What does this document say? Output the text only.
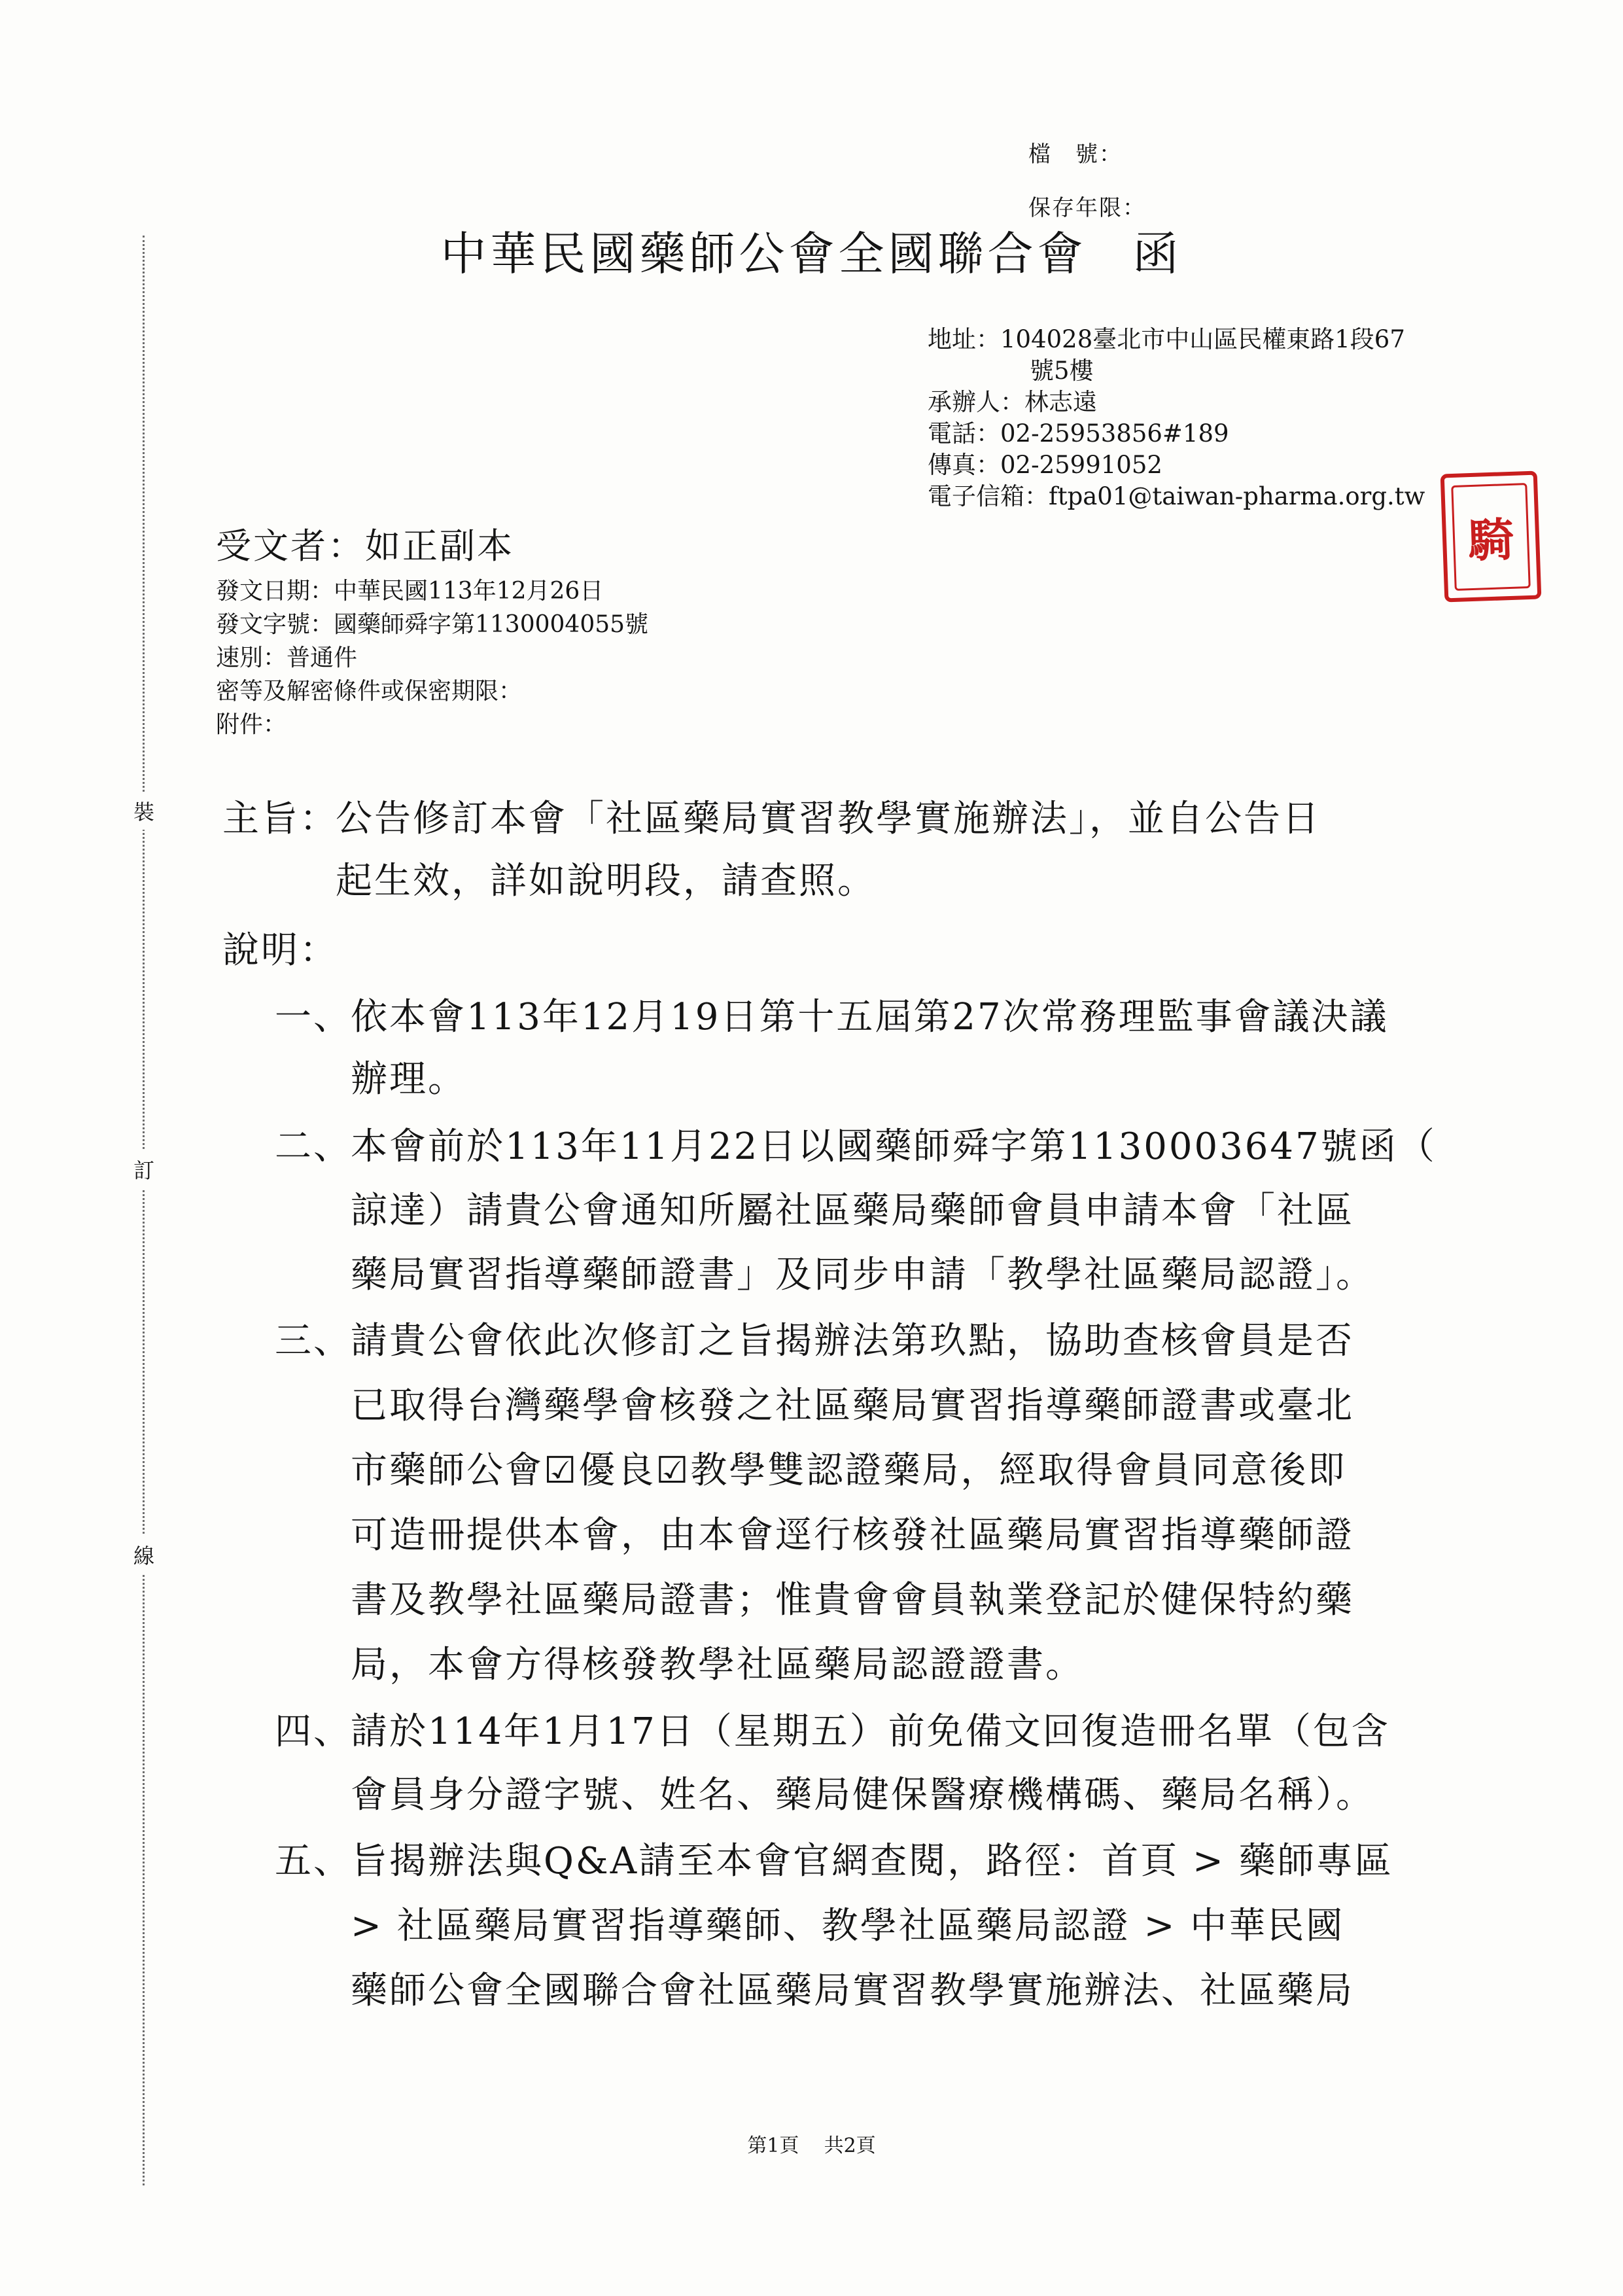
檔　號：
保存年限：
中華民國藥師公會全國聯合會 函
地址：104028臺北市中山區民權東路1段67
號5樓
承辦人：林志遠
電話：02-25953856#189
傳真：02-25991052
電子信箱：ftpa01@taiwan-pharma.org.tw
騎
受文者：如正副本
發文日期：中華民國113年12月26日
發文字號：國藥師舜字第1130004055號
速別：普通件
密等及解密條件或保密期限：
附件：
裝
訂
線
主旨：
公告修訂本會「社區藥局實習教學實施辦法」，並自公告日
起生效，詳如說明段，請查照。
說明：
一、
依本會113年12月19日第十五屆第27次常務理監事會議決議
辦理。
二、
本會前於113年11月22日以國藥師舜字第1130003647號函（
諒達）請貴公會通知所屬社區藥局藥師會員申請本會「社區
藥局實習指導藥師證書」及同步申請「教學社區藥局認證」。
三、
請貴公會依此次修訂之旨揭辦法第玖點，協助查核會員是否
已取得台灣藥學會核發之社區藥局實習指導藥師證書或臺北
市藥師公會☑優良☑教學雙認證藥局，經取得會員同意後即
可造冊提供本會，由本會逕行核發社區藥局實習指導藥師證
書及教學社區藥局證書；惟貴會會員執業登記於健保特約藥
局，本會方得核發教學社區藥局認證證書。
四、
請於114年1月17日（星期五）前免備文回復造冊名單（包含
會員身分證字號、姓名、藥局健保醫療機構碼、藥局名稱）。
五、
旨揭辦法與Q&A請至本會官網查閱，路徑：首頁 > 藥師專區
> 社區藥局實習指導藥師、教學社區藥局認證 > 中華民國
藥師公會全國聯合會社區藥局實習教學實施辦法、社區藥局
第1頁 共2頁
